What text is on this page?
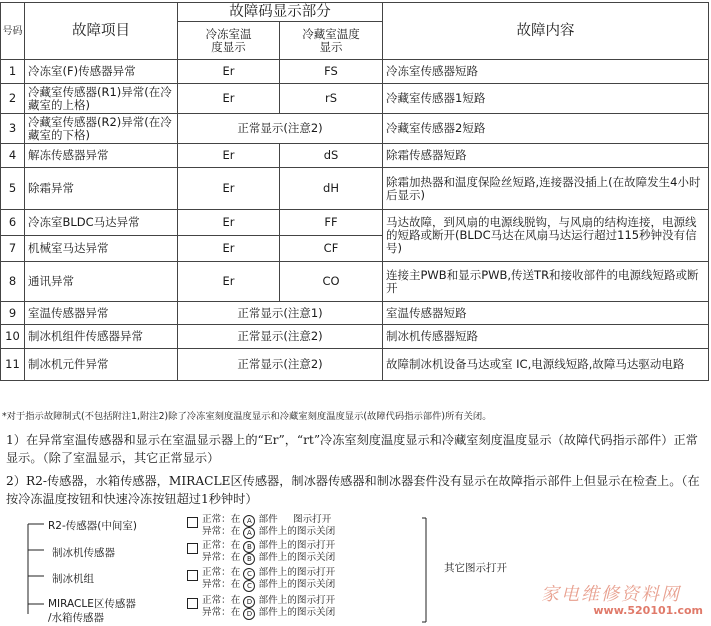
号码	故障项目	故障码显示部分		故障内容
		冷冻室温度显示	冷藏室温度显示	
1	冷冻室(F)传感器异常	Er	FS	冷冻室传感器短路
2	冷藏室传感器(R1)异常(在冷藏室的上格)	Er	rS	冷藏室传感器1短路
3	冷藏室传感器(R2)异常(在冷藏室的下格)	正常显示(注意2)		冷藏室传感器2短路
4	解冻传感器异常	Er	dS	除霜传感器短路
5	除霜异常	Er	dH	除霜加热器和温度保险丝短路,连接器没插上(在故障发生4小时后显示)
6	冷冻室BLDC马达异常	Er	FF	马达故障，到风扇的电源线脱钩，与风扇的结构连接，电源线的短路或断开(BLDC马达在风扇马达运行超过115秒钟没有信号)
7	机械室马达异常	Er	CF	
8	通讯异常	Er	CO	连接主PWB和显示PWB,传送TR和接收部件的电源线短路或断开
9	室温传感器异常	正常显示(注意1)		室温传感器短路
10	制冰机组件传感器异常	正常显示(注意2)		制冰机传感器短路
11	制冰机元件异常	正常显示(注意2)		故障制冰机设备马达或室 IC,电源线短路,故障马达驱动电路
*对于指示故障制式(不包括附注1,附注2)除了冷冻室刻度温度显示和冷藏室刻度温度显示(故障代码指示部件)所有关闭。
1）在异常室温传感器和显示在室温显示器上的“Er”，“rt”冷冻室刻度温度显示和冷藏室刻度温度显示（故障代码指示部件）正常显示。（除了室温显示，其它正常显示）
2）R2-传感器，水箱传感器，MIRACLE区传感器，制冰器传感器和制冰器套件没有显示在故障指示部件上但显示在检查上。（在按冷冻温度按钮和快速冷冻按钮超过1秒钟时）
R2-传感器(中间室)
制冰机传感器
制冰机组
MIRACLE区传感器
/水箱传感器
正常：在 A 部件 图示打开
异常：在 A 部件上的图示关闭
正常：在 B 部件上的图示打开
异常：在 B 部件上的图示关闭
正常：在 C 部件上的图示打开
异常：在 C 部件上的图示关闭
正常：在 D 部件上的图示打开
异常：在 D 部件上的图示关闭
其它图示打开
家电维修资料网
www.520101.com
